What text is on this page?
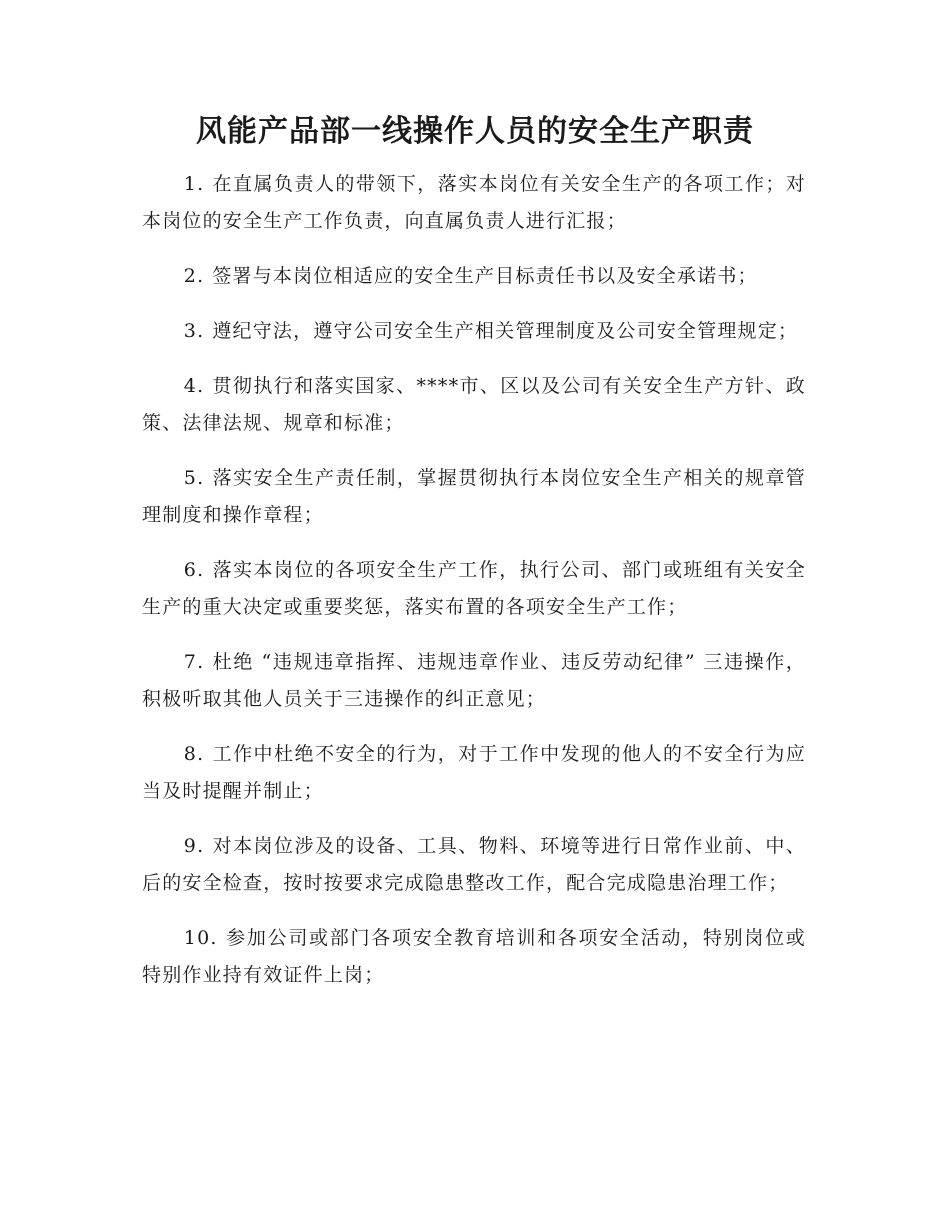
风能产品部一线操作人员的安全生产职责

1. 在直属负责人的带领下，落实本岗位有关安全生产的各项工作；对本岗位的安全生产工作负责，向直属负责人进行汇报；

2. 签署与本岗位相适应的安全生产目标责任书以及安全承诺书；

3. 遵纪守法，遵守公司安全生产相关管理制度及公司安全管理规定；

4. 贯彻执行和落实国家、****市、区以及公司有关安全生产方针、政策、法律法规、规章和标准；

5. 落实安全生产责任制，掌握贯彻执行本岗位安全生产相关的规章管理制度和操作章程；

6. 落实本岗位的各项安全生产工作，执行公司、部门或班组有关安全生产的重大决定或重要奖惩，落实布置的各项安全生产工作；

7. 杜绝 “违规违章指挥、违规违章作业、违反劳动纪律” 三违操作，积极听取其他人员关于三违操作的纠正意见；

8. 工作中杜绝不安全的行为，对于工作中发现的他人的不安全行为应当及时提醒并制止；

9. 对本岗位涉及的设备、工具、物料、环境等进行日常作业前、中、后的安全检查，按时按要求完成隐患整改工作，配合完成隐患治理工作；

10. 参加公司或部门各项安全教育培训和各项安全活动，特别岗位或特别作业持有效证件上岗；
